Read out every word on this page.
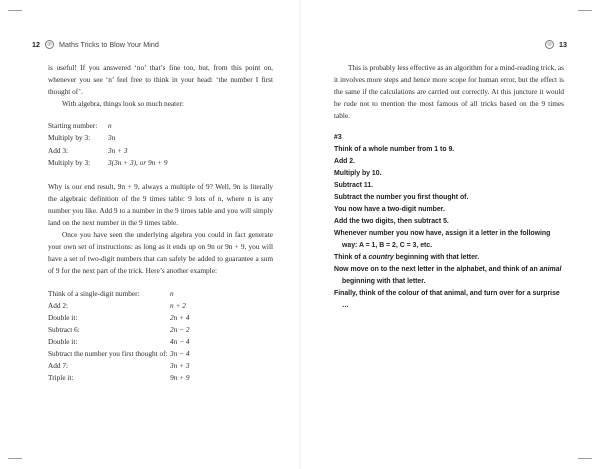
12	◎	Maths Tricks to Blow Your Mind

is useful! If you answered ‘no’ that’s fine too, but, from this point on, whenever you see ‘n’ feel free to think in your head: ‘the number I first thought of’.

With algebra, things look so much neater:

Starting number:	n
Multiply by 3:	3n
Add 3:	3n + 3
Multiply by 3:	3(3n + 3), or 9n + 9

Why is our end result, 9n + 9, always a multiple of 9? Well, 9n is literally the algebraic definition of the 9 times table: 9 lots of n, where n is any number you like. Add 9 to a number in the 9 times table and you will simply land on the next number in the 9 times table.

Once you have seen the underlying algebra you could in fact generate your own set of instructions: as long as it ends up on 9n or 9n + 9, you will have a set of two-digit numbers that can safely be added to guarantee a sum of 9 for the next part of the trick. Here’s another example:

Think of a single-digit number:	n
Add 2:	n + 2
Double it:	2n + 4
Subtract 6:	2n − 2
Double it:	4n − 4
Subtract the number you first thought of: 3n − 4
Add 7:	3n + 3
Triple it:	9n + 9
◎	13

This is probably less effective as an algorithm for a mind-reading trick, as it involves more steps and hence more scope for human error, but the effect is the same if the calculations are carried out correctly. At this juncture it would be rude not to mention the most famous of all tricks based on the 9 times table.

#3
Think of a whole number from 1 to 9.
Add 2.
Multiply by 10.
Subtract 11.
Subtract the number you first thought of.
You now have a two-digit number.
Add the two digits, then subtract 5.
Whenever number you now have, assign it a letter in the following way: A = 1, B = 2, C = 3, etc.
Think of a country beginning with that letter.
Now move on to the next letter in the alphabet, and think of an animal beginning with that letter.
Finally, think of the colour of that animal, and turn over for a surprise …
